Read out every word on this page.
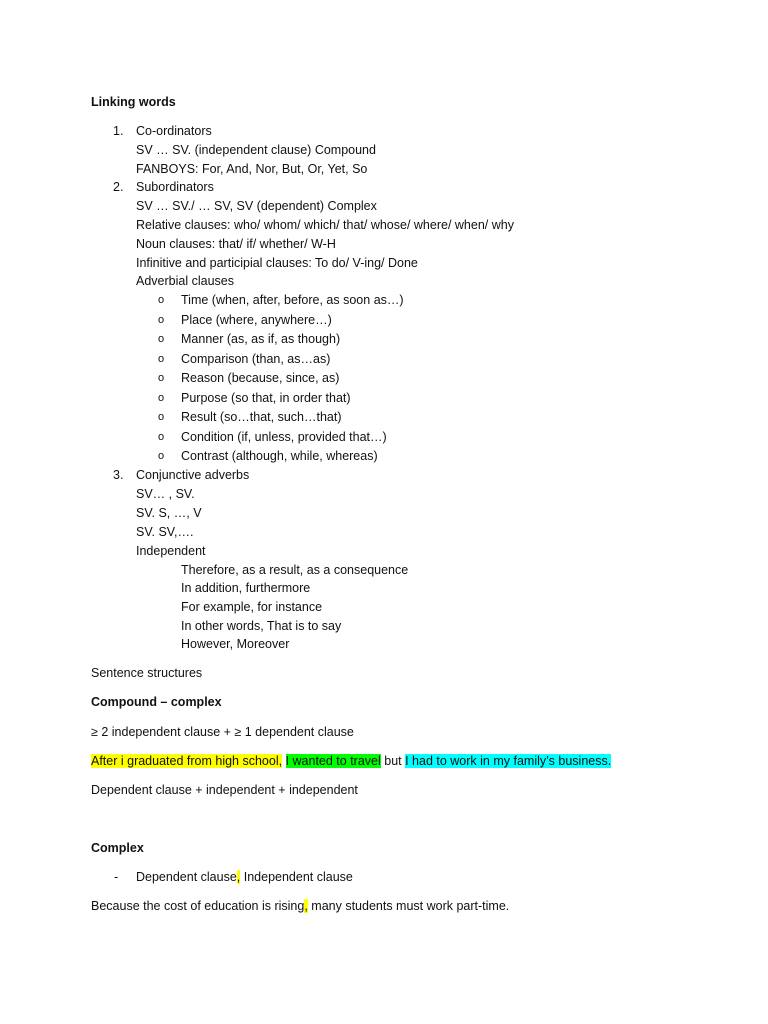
Linking words
1. Co-ordinators
SV … SV. (independent clause) Compound
FANBOYS: For, And, Nor, But, Or, Yet, So
2. Subordinators
SV … SV./ … SV, SV (dependent) Complex
Relative clauses: who/ whom/ which/ that/ whose/ where/ when/ why
Noun clauses: that/ if/ whether/ W-H
Infinitive and participial clauses: To do/ V-ing/ Done
Adverbial clauses
o Time (when, after, before, as soon as…)
o Place (where, anywhere…)
o Manner (as, as if, as though)
o Comparison (than, as…as)
o Reason (because, since, as)
o Purpose (so that, in order that)
o Result (so…that, such…that)
o Condition (if, unless, provided that…)
o Contrast (although, while, whereas)
3. Conjunctive adverbs
SV… , SV.
SV. S, …, V
SV. SV,….
Independent
Therefore, as a result, as a consequence
In addition, furthermore
For example, for instance
In other words, That is to say
However, Moreover
Sentence structures
Compound – complex
≥ 2 independent clause + ≥ 1 dependent clause
After i graduated from high school, I wanted to travel but I had to work in my family’s business.
Dependent clause + independent + independent
Complex
- Dependent clause, Independent clause
Because the cost of education is rising, many students must work part-time.
